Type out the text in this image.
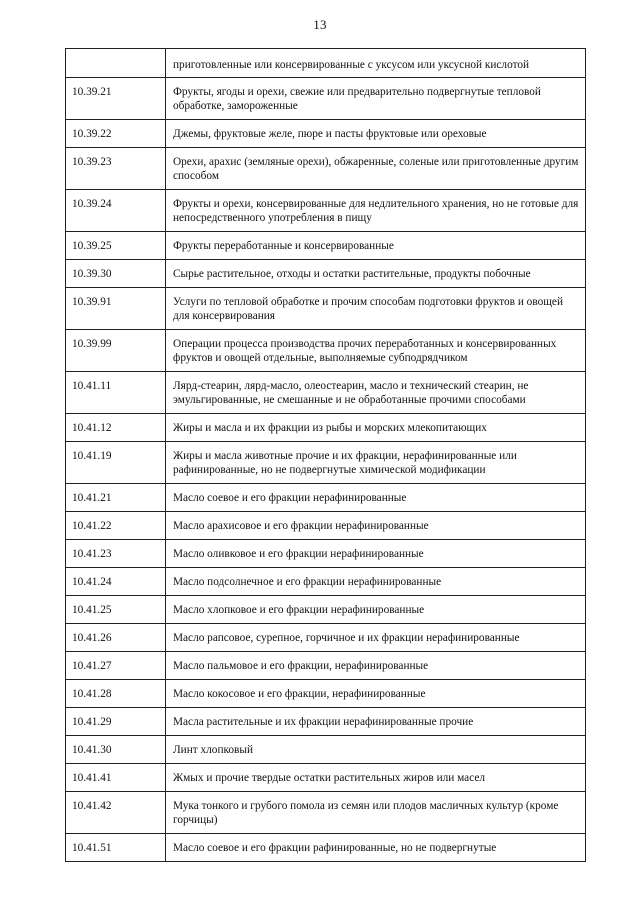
13
	приготовленные или консервированные с уксусом или уксусной кислотой
10.39.21	Фрукты, ягоды и орехи, свежие или предварительно подвергнутые тепловой обработке, замороженные
10.39.22	Джемы, фруктовые желе, пюре и пасты фруктовые или ореховые
10.39.23	Орехи, арахис (земляные орехи), обжаренные, соленые или приготовленные другим способом
10.39.24	Фрукты и орехи, консервированные для недлительного хранения, но не готовые для непосредственного употребления в пищу
10.39.25	Фрукты переработанные и консервированные
10.39.30	Сырье растительное, отходы и остатки растительные, продукты побочные
10.39.91	Услуги по тепловой обработке и прочим способам подготовки фруктов и овощей для консервирования
10.39.99	Операции процесса производства прочих переработанных и консервированных фруктов и овощей отдельные, выполняемые субподрядчиком
10.41.11	Лярд-стеарин, лярд-масло, олеостеарин, масло и технический стеарин, не эмульгированные, не смешанные и не обработанные прочими способами
10.41.12	Жиры и масла и их фракции из рыбы и морских млекопитающих
10.41.19	Жиры и масла животные прочие и их фракции, нерафинированные или рафинированные, но не подвергнутые химической модификации
10.41.21	Масло соевое и его фракции нерафинированные
10.41.22	Масло арахисовое и его фракции нерафинированные
10.41.23	Масло оливковое и его фракции нерафинированные
10.41.24	Масло подсолнечное и его фракции нерафинированные
10.41.25	Масло хлопковое и его фракции нерафинированные
10.41.26	Масло рапсовое, сурепное, горчичное и их фракции нерафинированные
10.41.27	Масло пальмовое и его фракции, нерафинированные
10.41.28	Масло кокосовое и его фракции, нерафинированные
10.41.29	Масла растительные и их фракции нерафинированные прочие
10.41.30	Линт хлопковый
10.41.41	Жмых и прочие твердые остатки растительных жиров или масел
10.41.42	Мука тонкого и грубого помола из семян или плодов масличных культур (кроме горчицы)
10.41.51	Масло соевое и его фракции рафинированные, но не подвергнутые
